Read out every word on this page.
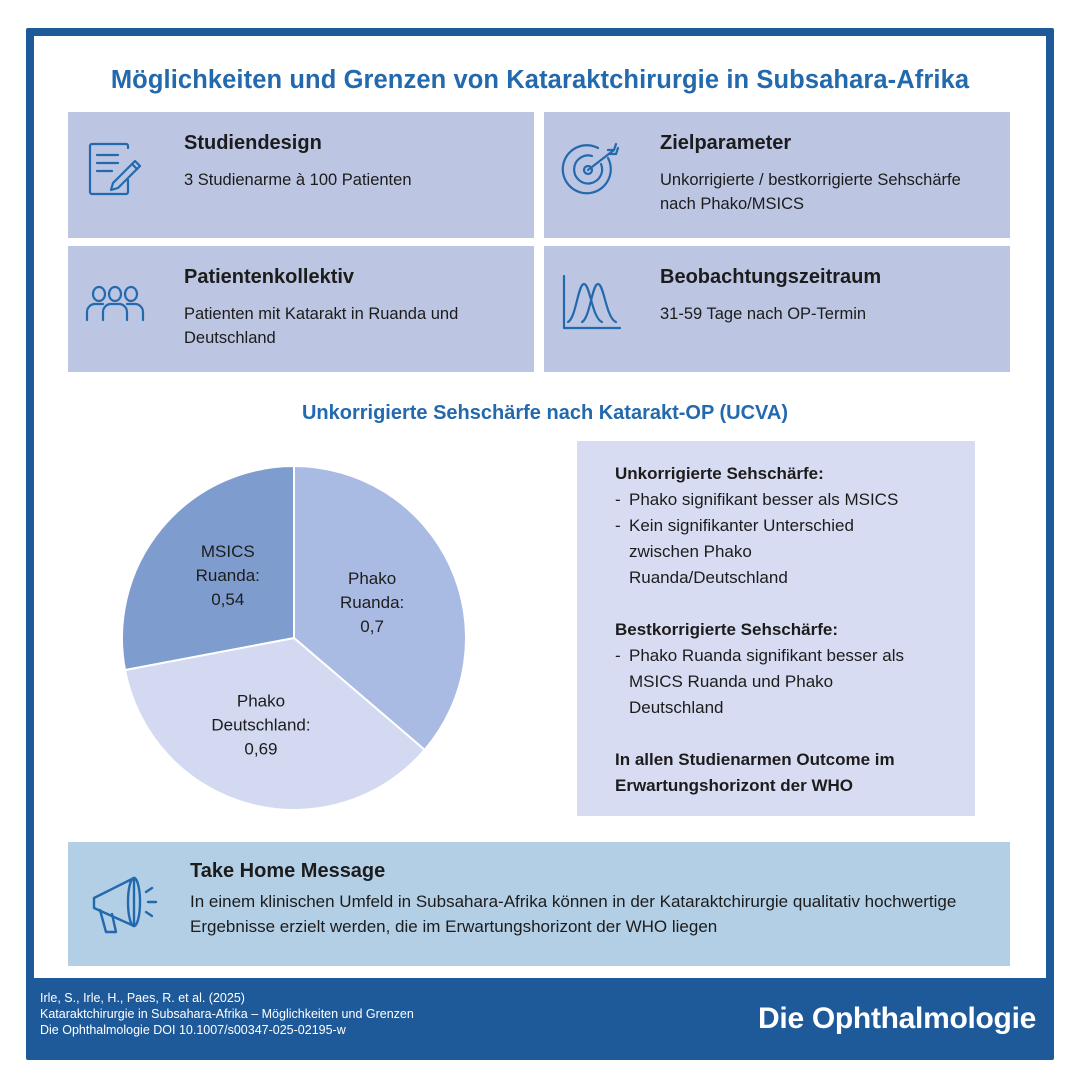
Möglichkeiten und Grenzen von Kataraktchirurgie in Subsahara-Afrika
Studiendesign
3 Studienarme à 100 Patienten
Zielparameter
Unkorrigierte / bestkorrigierte Sehschärfe nach Phako/MSICS
Patientenkollektiv
Patienten mit Katarakt in Ruanda und Deutschland
Beobachtungszeitraum
31-59 Tage nach OP-Termin
Unkorrigierte Sehschärfe nach Katarakt-OP (UCVA)
Phako Ruanda: 0,7
Phako Deutschland: 0,69
MSICS Ruanda: 0,54
Unkorrigierte Sehschärfe:
- Phako signifikant besser als MSICS
- Kein signifikanter Unterschied zwischen Phako Ruanda/Deutschland
Bestkorrigierte Sehschärfe:
- Phako Ruanda signifikant besser als MSICS Ruanda und Phako Deutschland
In allen Studienarmen Outcome im Erwartungshorizont der WHO
Take Home Message
In einem klinischen Umfeld in Subsahara-Afrika können in der Kataraktchirurgie qualitativ hochwertige Ergebnisse erzielt werden, die im Erwartungshorizont der WHO liegen
Irle, S., Irle, H., Paes, R. et al. (2025)
Kataraktchirurgie in Subsahara-Afrika – Möglichkeiten und Grenzen
Die Ophthalmologie DOI 10.1007/s00347-025-02195-w	Die Ophthalmologie
